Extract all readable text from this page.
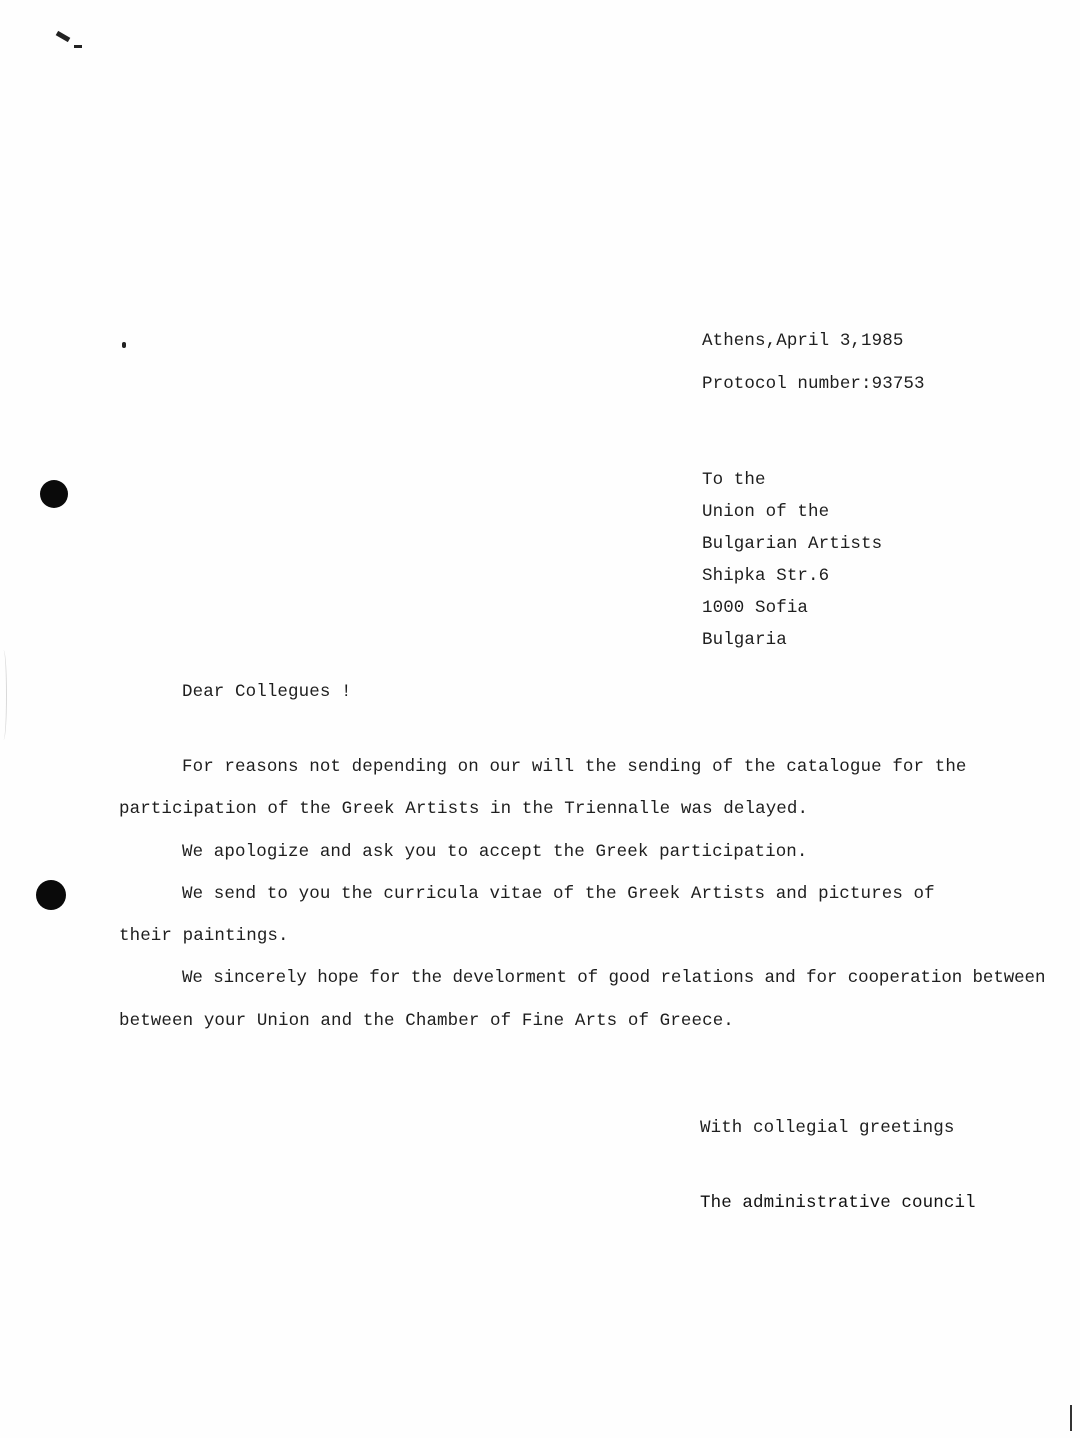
Athens,April 3,1985
Protocol number:93753
To the
Union of the
Bulgarian Artists
Shipka Str.6
1000 Sofia
Bulgaria
Dear Collegues !
For reasons not depending on our will the sending of the catalogue for the
participation of the Greek Artists in the Triennalle was delayed.
We apologize and ask you to accept the Greek participation.
We send to you the curricula vitae of the Greek Artists and pictures of
their paintings.
We sincerely hope for the develorment of good relations and for cooperation between
between your Union and the Chamber of Fine Arts of Greece.
With collegial greetings
The administrative council
